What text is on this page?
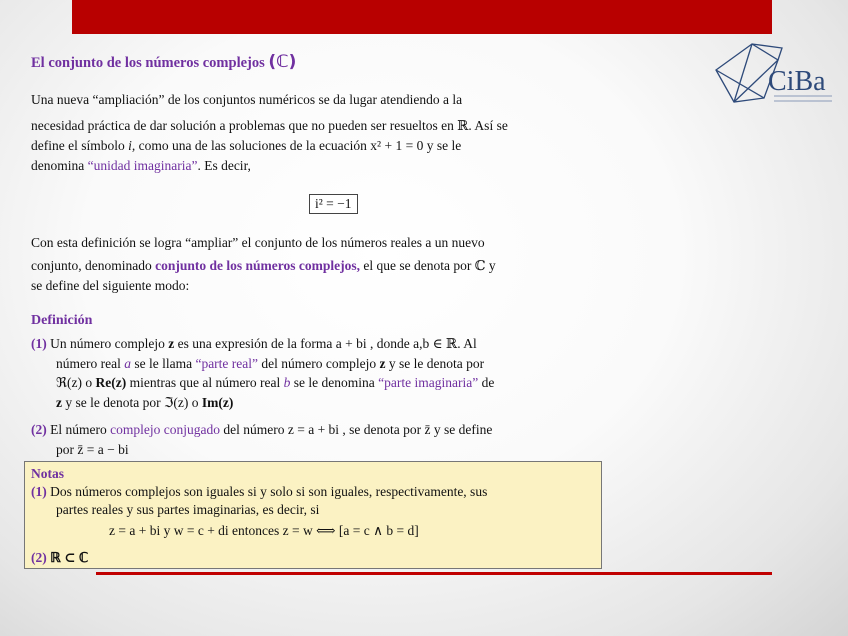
CiBa
El conjunto de los números complejos (ℂ)
Una nueva “ampliación” de los conjuntos numéricos se da lugar atendiendo a la
necesidad práctica de dar solución a problemas que no pueden ser resueltos en ℝ. Así se
define el símbolo i, como una de las soluciones de la ecuación x² + 1 = 0 y se le
denomina “unidad imaginaria”. Es decir,
i² = −1
Con esta definición se logra “ampliar” el conjunto de los números reales a un nuevo
conjunto, denominado conjunto de los números complejos, el que se denota por ℂ y
se define del siguiente modo:
Definición
(1) Un número complejo z es una expresión de la forma a + bi , donde a,b ∈ ℝ. Al
número real a se le llama “parte real” del número complejo z y se le denota por
ℜ(z) o Re(z) mientras que al número real b se le denomina “parte imaginaria” de
z y se le denota por ℑ(z) o Im(z)
(2) El número complejo conjugado del número z = a + bi , se denota por z̄ y se define
por z̄ = a − bi
Notas
(1) Dos números complejos son iguales si y solo si son iguales, respectivamente, sus
partes reales y sus partes imaginarias, es decir, si
z = a + bi y w = c + di entonces z = w ⟺ [a = c ∧ b = d]
(2) ℝ ⊂ ℂ
